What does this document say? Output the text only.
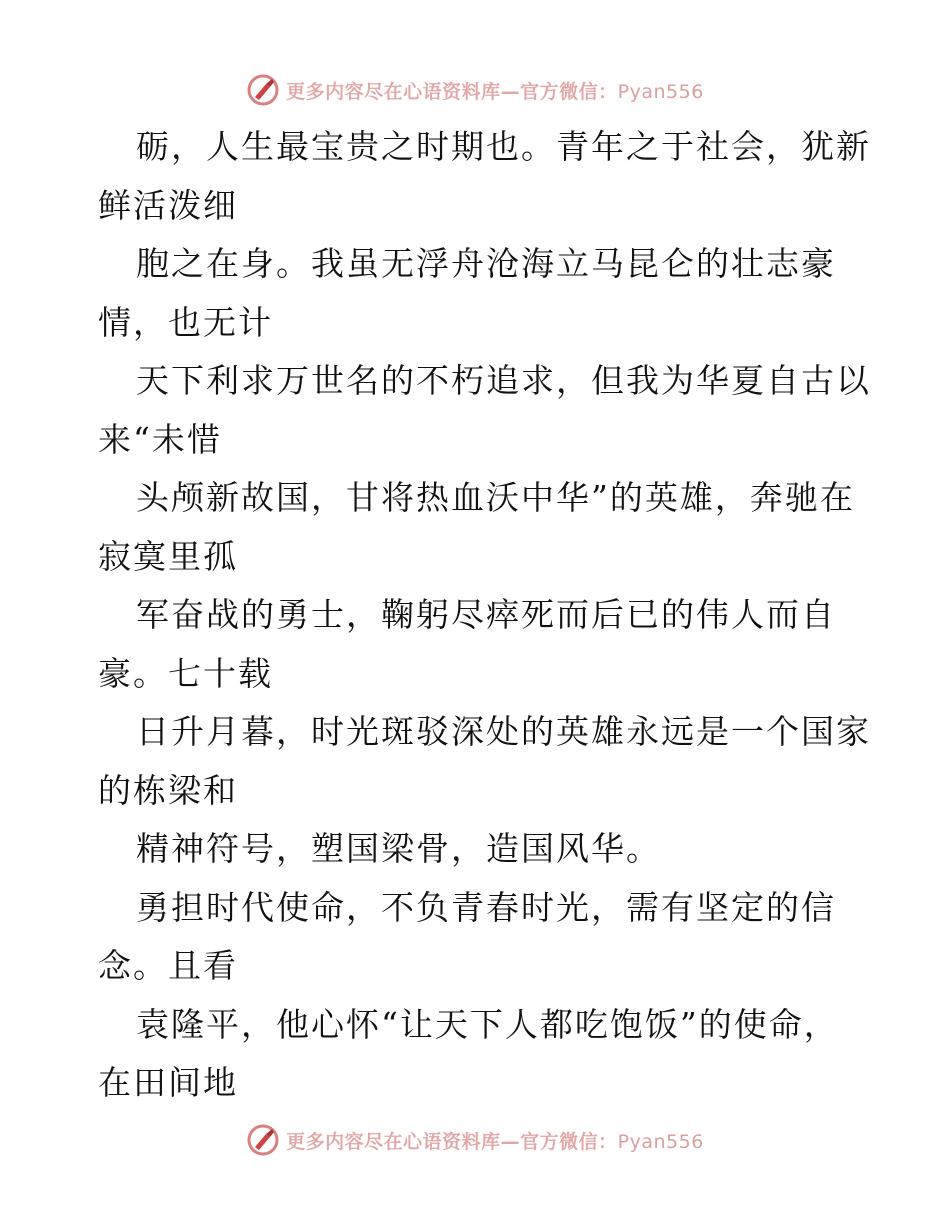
更多内容尽在心语资料库—官方微信：Pyan556
砺，人生最宝贵之时期也。青年之于社会，犹新
鲜活泼细
胞之在身。我虽无浮舟沧海立马昆仑的壮志豪
情，也无计
天下利求万世名的不朽追求，但我为华夏自古以
来“未惜
头颅新故国，甘将热血沃中华”的英雄，奔驰在
寂寞里孤
军奋战的勇士，鞠躬尽瘁死而后已的伟人而自
豪。七十载
日升月暮，时光斑驳深处的英雄永远是一个国家
的栋梁和
精神符号，塑国梁骨，造国风华。
勇担时代使命，不负青春时光，需有坚定的信
念。且看
袁隆平，他心怀“让天下人都吃饱饭”的使命，
在田间地
更多内容尽在心语资料库—官方微信：Pyan556
